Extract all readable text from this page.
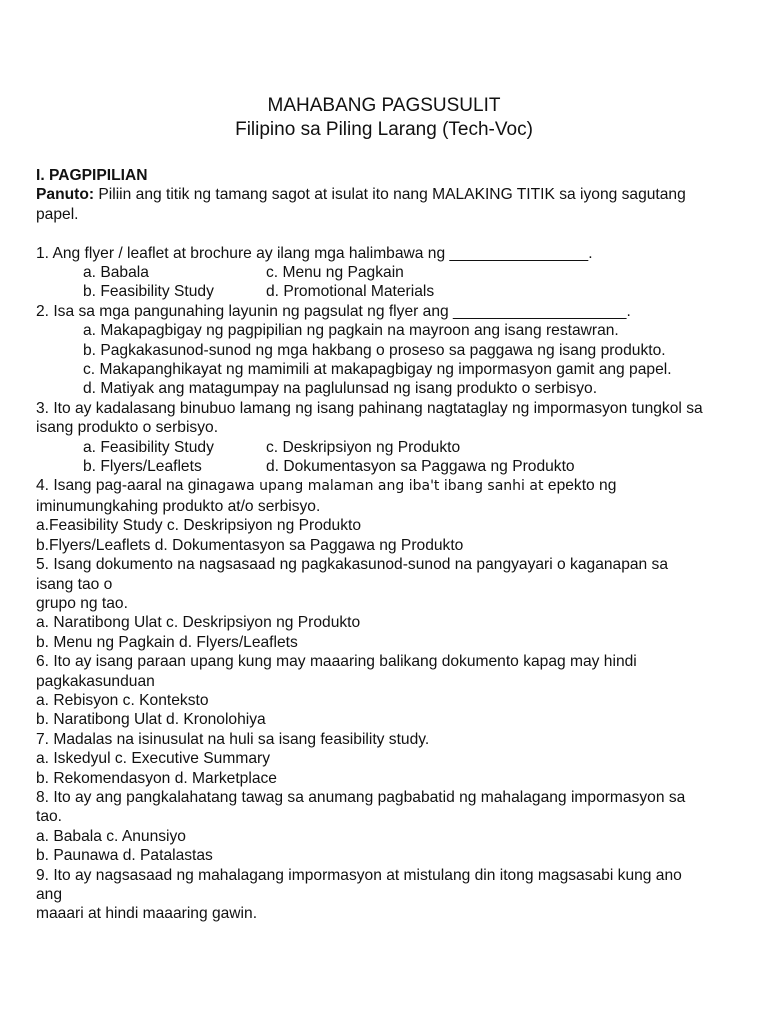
MAHABANG PAGSUSULIT
Filipino sa Piling Larang (Tech-Voc)
I. PAGPIPILIAN
Panuto: Piliin ang titik ng tamang sagot at isulat ito nang MALAKING TITIK sa iyong sagutang
papel.
1. Ang flyer / leaflet at brochure ay ilang mga halimbawa ng ________________.
a. Babala	c. Menu ng Pagkain
b. Feasibility Study	d. Promotional Materials
2. Isa sa mga pangunahing layunin ng pagsulat ng flyer ang ____________________.
a. Makapagbigay ng pagpipilian ng pagkain na mayroon ang isang restawran.
b. Pagkakasunod-sunod ng mga hakbang o proseso sa paggawa ng isang produkto.
c. Makapanghikayat ng mamimili at makapagbigay ng impormasyon gamit ang papel.
d. Matiyak ang matagumpay na paglulunsad ng isang produkto o serbisyo.
3. Ito ay kadalasang binubuo lamang ng isang pahinang nagtataglay ng impormasyon tungkol sa
isang produkto o serbisyo.
a. Feasibility Study	c. Deskripsiyon ng Produkto
b. Flyers/Leaflets	d. Dokumentasyon sa Paggawa ng Produkto
4. Isang pag-aaral na ginagawa upang malaman ang iba't ibang sanhi at epekto ng
iminumungkahing produkto at/o serbisyo.
a.Feasibility Study c. Deskripsiyon ng Produkto
b.Flyers/Leaflets d. Dokumentasyon sa Paggawa ng Produkto
5. Isang dokumento na nagsasaad ng pagkakasunod-sunod na pangyayari o kaganapan sa
isang tao o
grupo ng tao.
a. Naratibong Ulat c. Deskripsiyon ng Produkto
b. Menu ng Pagkain d. Flyers/Leaflets
6. Ito ay isang paraan upang kung may maaaring balikang dokumento kapag may hindi
pagkakasunduan
a. Rebisyon c. Konteksto
b. Naratibong Ulat d. Kronolohiya
7. Madalas na isinusulat na huli sa isang feasibility study.
a. Iskedyul c. Executive Summary
b. Rekomendasyon d. Marketplace
8. Ito ay ang pangkalahatang tawag sa anumang pagbabatid ng mahalagang impormasyon sa
tao.
a. Babala c. Anunsiyo
b. Paunawa d. Patalastas
9. Ito ay nagsasaad ng mahalagang impormasyon at mistulang din itong magsasabi kung ano
ang
maaari at hindi maaaring gawin.
